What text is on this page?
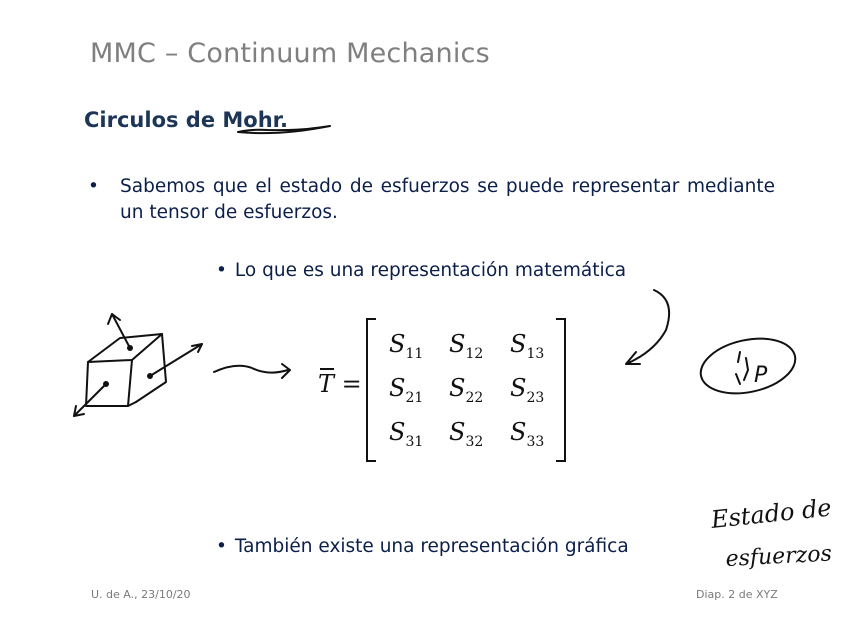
MMC – Continuum Mechanics
Circulos de Mohr.
• Sabemos que el estado de esfuerzos se puede representar mediante un tensor de esfuerzos.
• Lo que es una representación matemática
T =
$S_{11}$ $S_{12}$ $S_{13}$
$S_{21}$ $S_{22}$ $S_{23}$
$S_{31}$ $S_{32}$ $S_{33}$
• También existe una representación gráfica
P
Estado de
esfuerzos
U. de A., 23/10/20	Diap. 2 de XYZ
